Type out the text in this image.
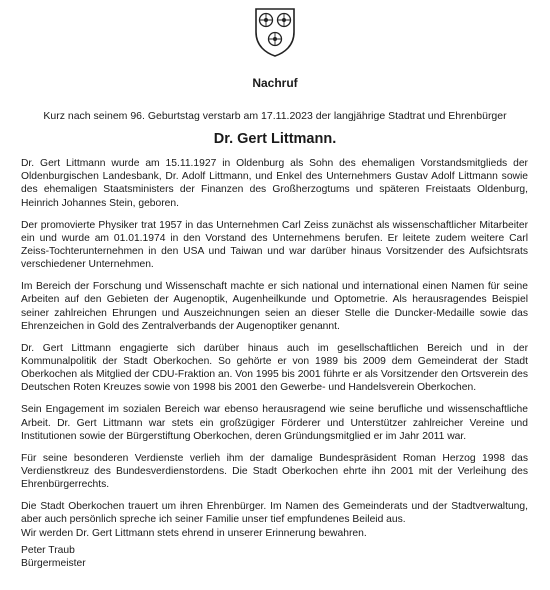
Nachruf
Kurz nach seinem 96. Geburtstag verstarb am 17.11.2023 der langjährige Stadtrat und Ehrenbürger
Dr. Gert Littmann.

Dr. Gert Littmann wurde am 15.11.1927 in Oldenburg als Sohn des ehemaligen Vorstandsmitglieds der Oldenburgischen Landesbank, Dr. Adolf Littmann, und Enkel des Unternehmers Gustav Adolf Littmann sowie des ehemaligen Staatsministers der Finanzen des Großherzogtums und späteren Freistaats Oldenburg, Heinrich Johannes Stein, geboren.

Der promovierte Physiker trat 1957 in das Unternehmen Carl Zeiss zunächst als wissenschaftlicher Mitarbeiter ein und wurde am 01.01.1974 in den Vorstand des Unternehmens berufen. Er leitete zudem weitere Carl Zeiss-Tochterunternehmen in den USA und Taiwan und war darüber hinaus Vorsitzender des Aufsichtsrats verschiedener Unternehmen.

Im Bereich der Forschung und Wissenschaft machte er sich national und international einen Namen für seine Arbeiten auf den Gebieten der Augenoptik, Augenheilkunde und Optometrie. Als herausragendes Beispiel seiner zahlreichen Ehrungen und Auszeichnungen seien an dieser Stelle die Duncker-Medaille sowie das Ehrenzeichen in Gold des Zentralverbands der Augenoptiker genannt.

Dr. Gert Littmann engagierte sich darüber hinaus auch im gesellschaftlichen Bereich und in der Kommunalpolitik der Stadt Oberkochen. So gehörte er von 1989 bis 2009 dem Gemeinderat der Stadt Oberkochen als Mitglied der CDU-Fraktion an. Von 1995 bis 2001 führte er als Vorsitzender den Ortsverein des Deutschen Roten Kreuzes sowie von 1998 bis 2001 den Gewerbe- und Handelsverein Oberkochen.

Sein Engagement im sozialen Bereich war ebenso herausragend wie seine berufliche und wissenschaftliche Arbeit. Dr. Gert Littmann war stets ein großzügiger Förderer und Unterstützer zahlreicher Vereine und Institutionen sowie der Bürgerstiftung Oberkochen, deren Gründungsmitglied er im Jahr 2011 war.

Für seine besonderen Verdienste verlieh ihm der damalige Bundespräsident Roman Herzog 1998 das Verdienstkreuz des Bundesverdienstordens. Die Stadt Oberkochen ehrte ihn 2001 mit der Verleihung des Ehrenbürgerrechts.

Die Stadt Oberkochen trauert um ihren Ehrenbürger. Im Namen des Gemeinderats und der Stadtverwaltung, aber auch persönlich spreche ich seiner Familie unser tief empfundenes Beileid aus.
Wir werden Dr. Gert Littmann stets ehrend in unserer Erinnerung bewahren.

Peter Traub
Bürgermeister
